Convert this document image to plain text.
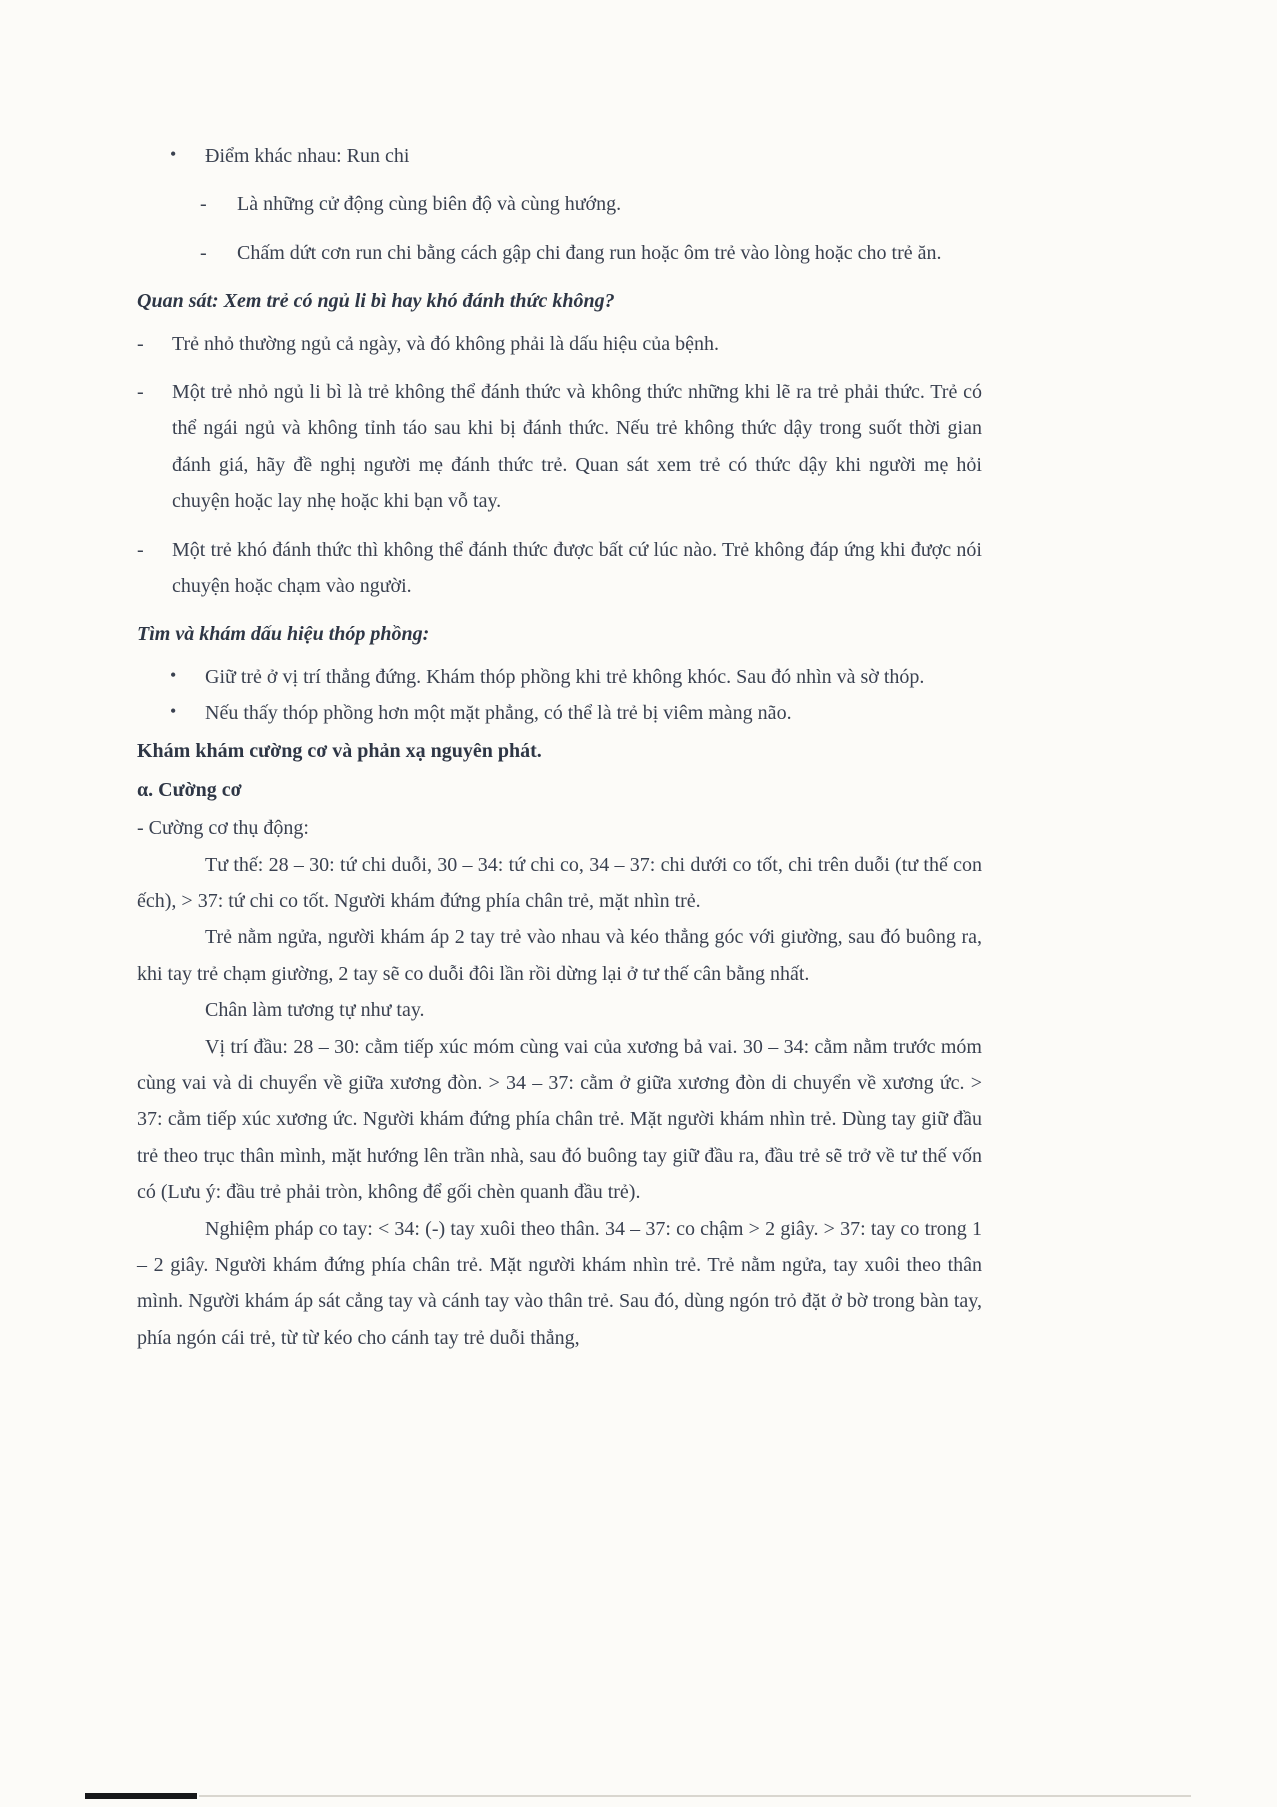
•	Điểm khác nhau: Run chi
-	Là những cử động cùng biên độ và cùng hướng.
-	Chấm dứt cơn run chi bằng cách gập chi đang run hoặc ôm trẻ vào lòng hoặc cho trẻ ăn.
Quan sát: Xem trẻ có ngủ li bì hay khó đánh thức không?
-	Trẻ nhỏ thường ngủ cả ngày, và đó không phải là dấu hiệu của bệnh.
-	Một trẻ nhỏ ngủ li bì là trẻ không thể đánh thức và không thức những khi lẽ ra trẻ phải thức. Trẻ có thể ngái ngủ và không tỉnh táo sau khi bị đánh thức. Nếu trẻ không thức dậy trong suốt thời gian đánh giá, hãy đề nghị người mẹ đánh thức trẻ. Quan sát xem trẻ có thức dậy khi người mẹ hỏi chuyện hoặc lay nhẹ hoặc khi bạn vỗ tay.
-	Một trẻ khó đánh thức thì không thể đánh thức được bất cứ lúc nào. Trẻ không đáp ứng khi được nói chuyện hoặc chạm vào người.
Tìm và khám dấu hiệu thóp phồng:
•	Giữ trẻ ở vị trí thẳng đứng. Khám thóp phồng khi trẻ không khóc. Sau đó nhìn và sờ thóp.
•	Nếu thấy thóp phồng hơn một mặt phẳng, có thể là trẻ bị viêm màng não.
Khám khám cường cơ và phản xạ nguyên phát.
α. Cường cơ
- Cường cơ thụ động:

Tư thế: 28 – 30: tứ chi duỗi, 30 – 34: tứ chi co, 34 – 37: chi dưới co tốt, chi trên duỗi (tư thế con ếch), > 37: tứ chi co tốt. Người khám đứng phía chân trẻ, mặt nhìn trẻ.

Trẻ nằm ngửa, người khám áp 2 tay trẻ vào nhau và kéo thẳng góc với giường, sau đó buông ra, khi tay trẻ chạm giường, 2 tay sẽ co duỗi đôi lần rồi dừng lại ở tư thế cân bằng nhất.

Chân làm tương tự như tay.

Vị trí đầu: 28 – 30: cằm tiếp xúc móm cùng vai của xương bả vai. 30 – 34: cằm nằm trước móm cùng vai và di chuyển về giữa xương đòn. > 34 – 37: cằm ở giữa xương đòn di chuyển về xương ức. > 37: cằm tiếp xúc xương ức. Người khám đứng phía chân trẻ. Mặt người khám nhìn trẻ. Dùng tay giữ đầu trẻ theo trục thân mình, mặt hướng lên trần nhà, sau đó buông tay giữ đầu ra, đầu trẻ sẽ trở về tư thế vốn có (Lưu ý: đầu trẻ phải tròn, không để gối chèn quanh đầu trẻ).

Nghiệm pháp co tay: < 34: (-) tay xuôi theo thân. 34 – 37: co chậm > 2 giây. > 37: tay co trong 1 – 2 giây. Người khám đứng phía chân trẻ. Mặt người khám nhìn trẻ. Trẻ nằm ngửa, tay xuôi theo thân mình. Người khám áp sát cẳng tay và cánh tay vào thân trẻ. Sau đó, dùng ngón trỏ đặt ở bờ trong bàn tay, phía ngón cái trẻ, từ từ kéo cho cánh tay trẻ duỗi thẳng,
